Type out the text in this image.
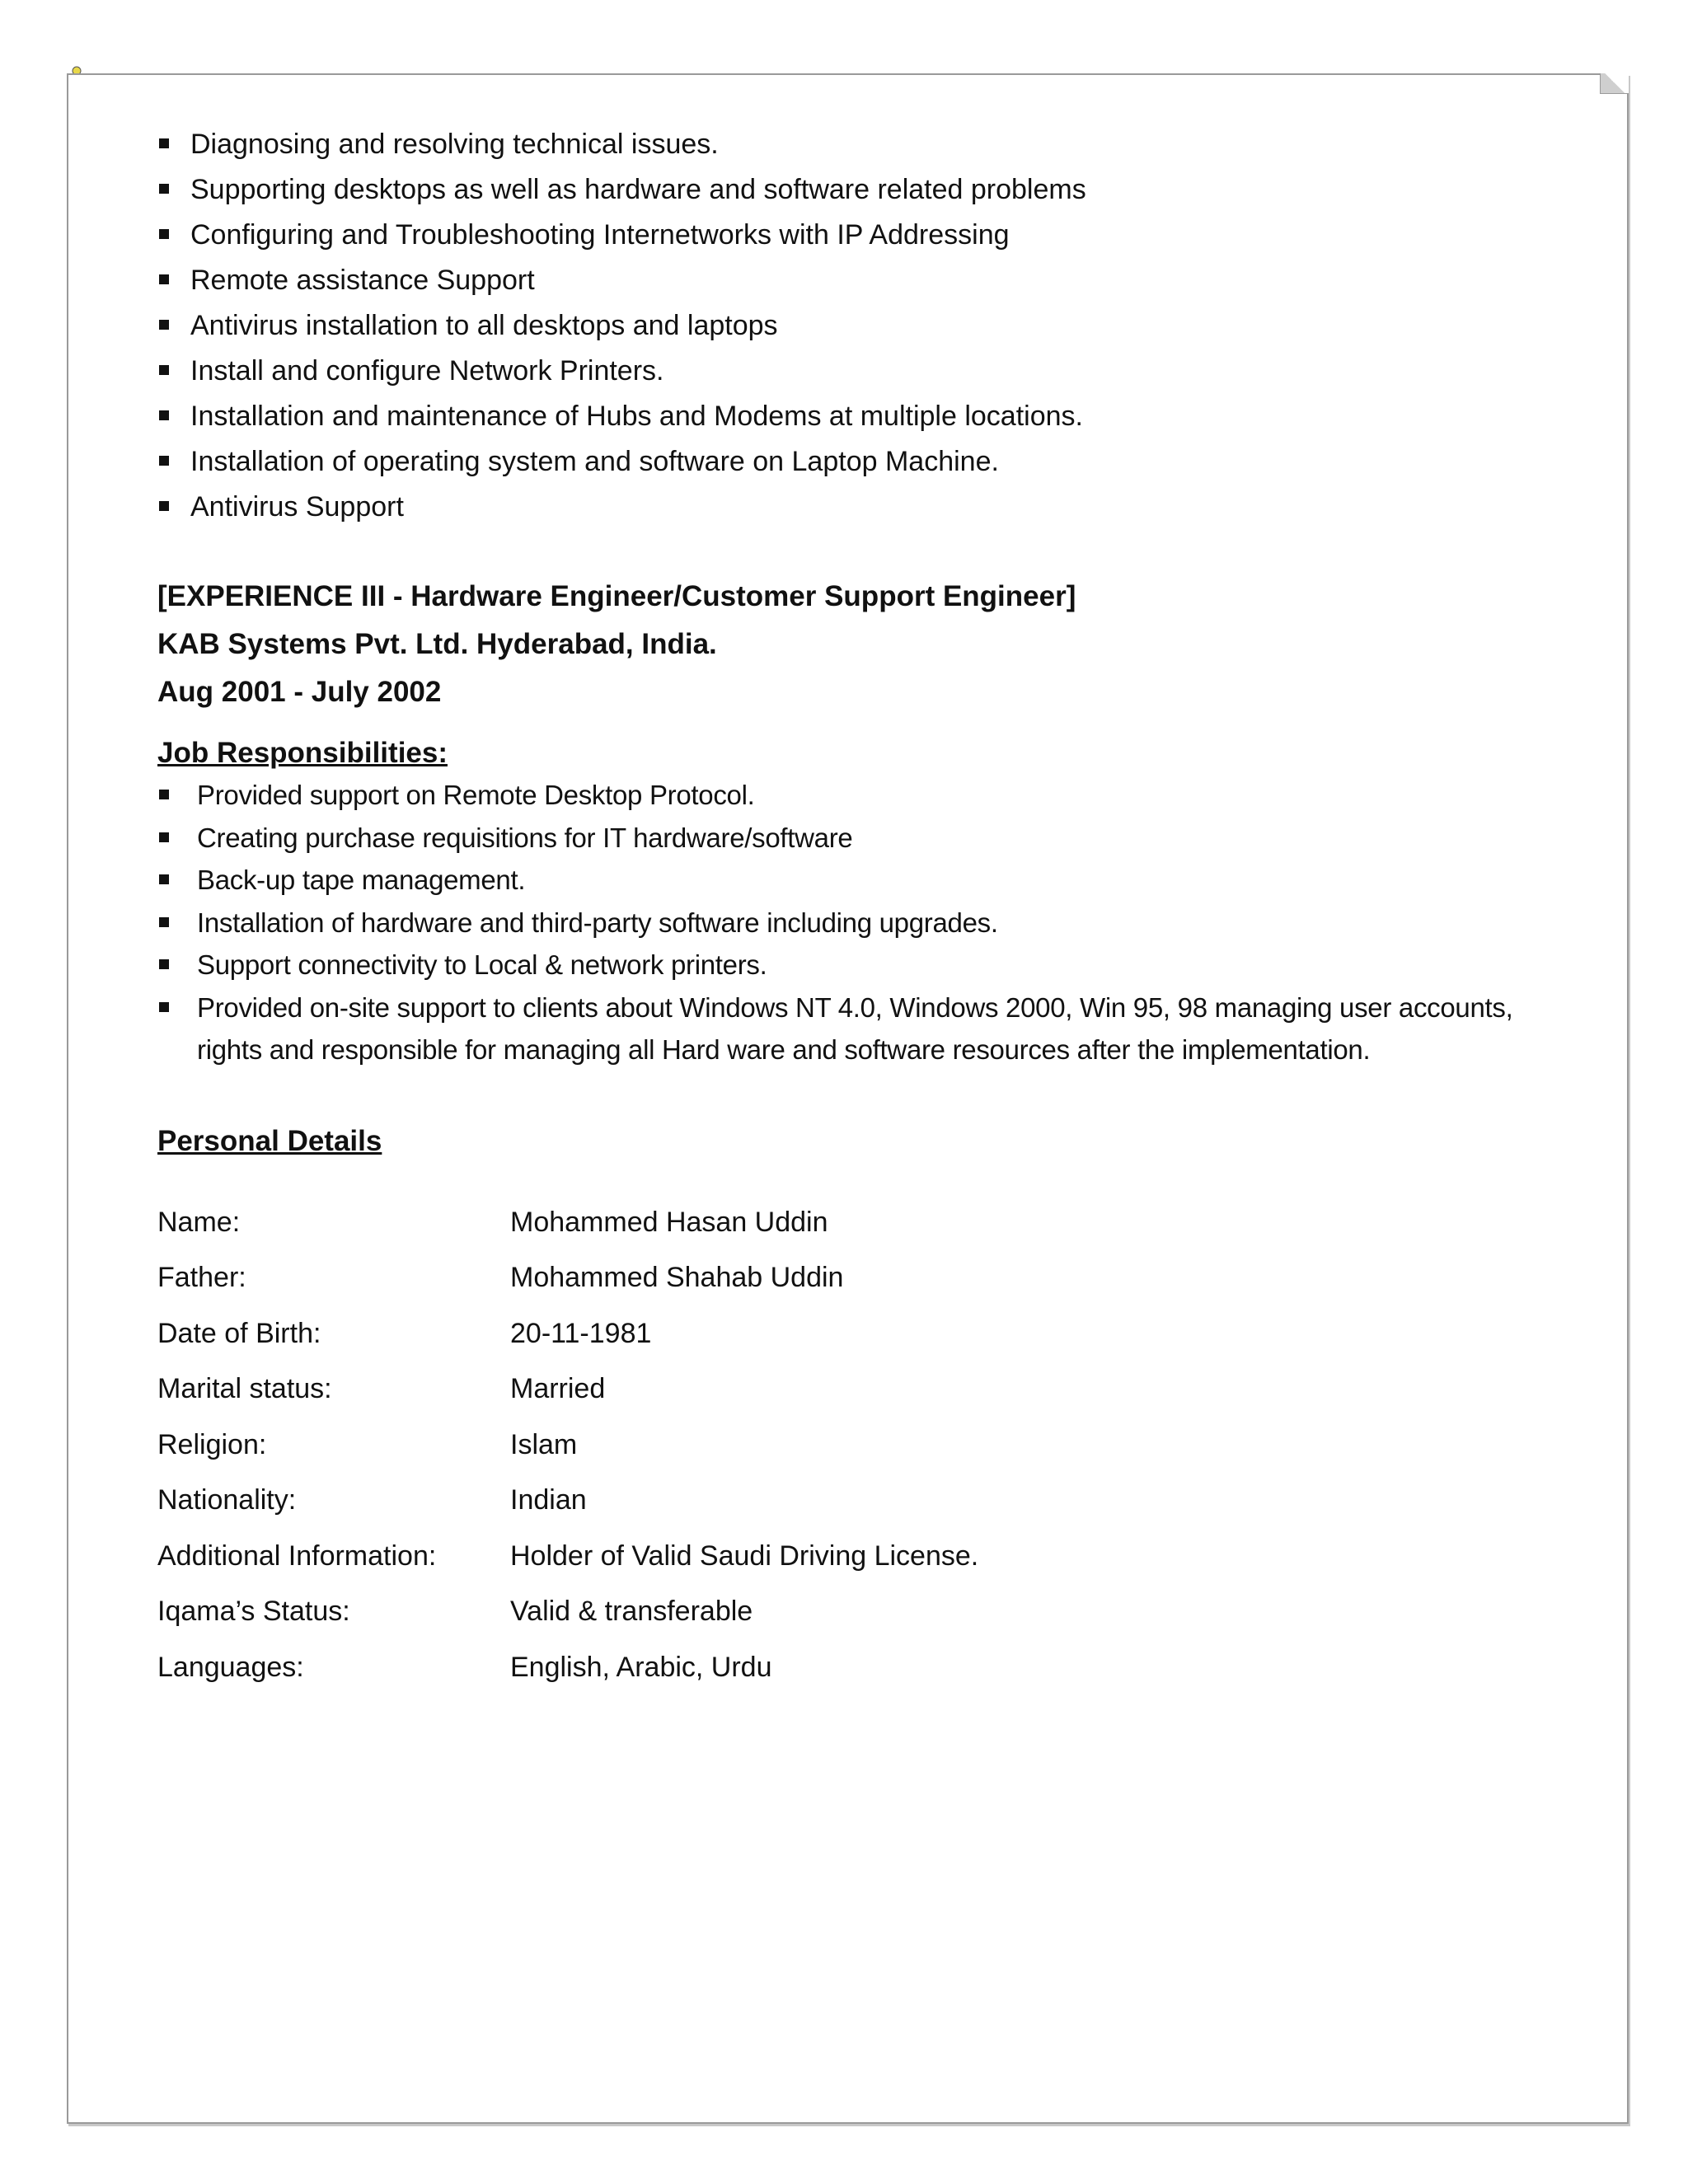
Diagnosing and resolving technical issues.
Supporting desktops as well as hardware and software related problems
Configuring and Troubleshooting Internetworks with IP Addressing
Remote assistance Support
Antivirus installation to all desktops and laptops
Install and configure Network Printers.
Installation and maintenance of Hubs and Modems at multiple locations.
Installation of operating system and software on Laptop Machine.
Antivirus Support
[EXPERIENCE III - Hardware Engineer/Customer Support Engineer]
KAB Systems Pvt. Ltd. Hyderabad, India.
Aug 2001 - July 2002
Job Responsibilities:
Provided support on Remote Desktop Protocol.
Creating purchase requisitions for IT hardware/software
Back-up tape management.
Installation of hardware and third-party software including upgrades.
Support connectivity to Local & network printers.
Provided on-site support to clients about Windows NT 4.0, Windows 2000, Win 95, 98 managing user accounts, rights and responsible for managing all Hard ware and software resources after the implementation.
Personal Details
Name:	Mohammed Hasan Uddin
Father:	Mohammed Shahab Uddin
Date of Birth:	20-11-1981
Marital status:	Married
Religion:	Islam
Nationality:	Indian
Additional Information:	Holder of Valid Saudi Driving License.
Iqama’s Status:	Valid & transferable
Languages:	English, Arabic, Urdu
